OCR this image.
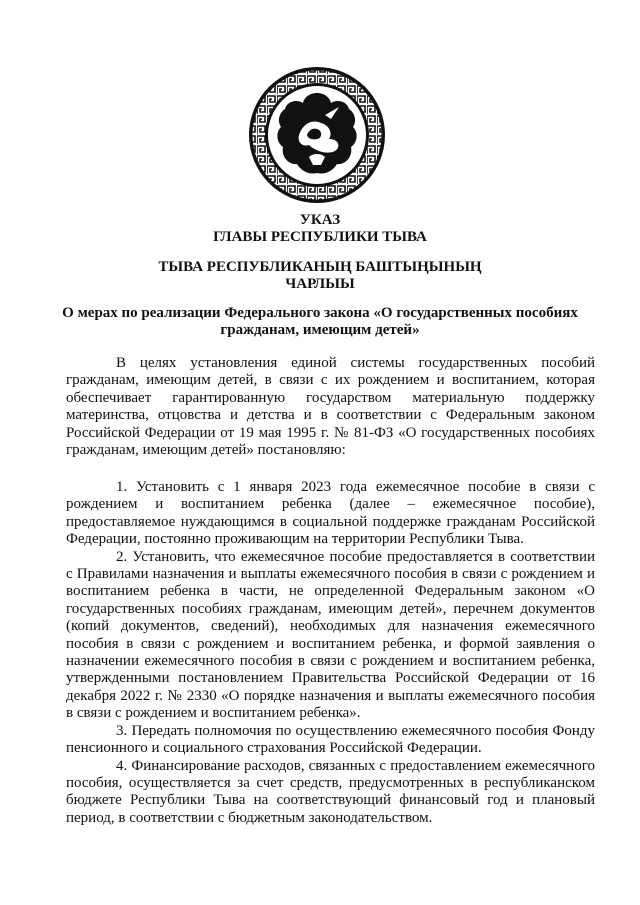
УКАЗ
ГЛАВЫ РЕСПУБЛИКИ ТЫВА
ТЫВА РЕСПУБЛИКАНЫҢ БАШТЫҢЫНЫҢ
ЧАРЛЫЫ
О мерах по реализации Федерального закона «О государственных пособиях
гражданам, имеющим детей»

В целях установления единой системы государственных пособий гражданам, имеющим детей, в связи с их рождением и воспитанием, которая обеспечивает гарантированную государством материальную поддержку материнства, отцовства и детства и в соответствии с Федеральным законом Российской Федерации от 19 мая 1995 г. № 81-ФЗ «О государственных пособиях гражданам, имеющим детей» постановляю:

1. Установить с 1 января 2023 года ежемесячное пособие в связи с рождением и воспитанием ребенка (далее – ежемесячное пособие), предоставляемое нуждающимся в социальной поддержке гражданам Российской Федерации, постоянно проживающим на территории Республики Тыва.

2. Установить, что ежемесячное пособие предоставляется в соответствии с Правилами назначения и выплаты ежемесячного пособия в связи с рождением и воспитанием ребенка в части, не определенной Федеральным законом «О государственных пособиях гражданам, имеющим детей», перечнем документов (копий документов, сведений), необходимых для назначения ежемесячного пособия в связи с рождением и воспитанием ребенка, и формой заявления о назначении ежемесячного пособия в связи с рождением и воспитанием ребенка, утвержденными постановлением Правительства Российской Федерации от 16 декабря 2022 г. № 2330 «О порядке назначения и выплаты ежемесячного пособия в связи с рождением и воспитанием ребенка».

3. Передать полномочия по осуществлению ежемесячного пособия Фонду пенсионного и социального страхования Российской Федерации.

4. Финансирование расходов, связанных с предоставлением ежемесячного пособия, осуществляется за счет средств, предусмотренных в республиканском бюджете Республики Тыва на соответствующий финансовый год и плановый период, в соответствии с бюджетным законодательством.
